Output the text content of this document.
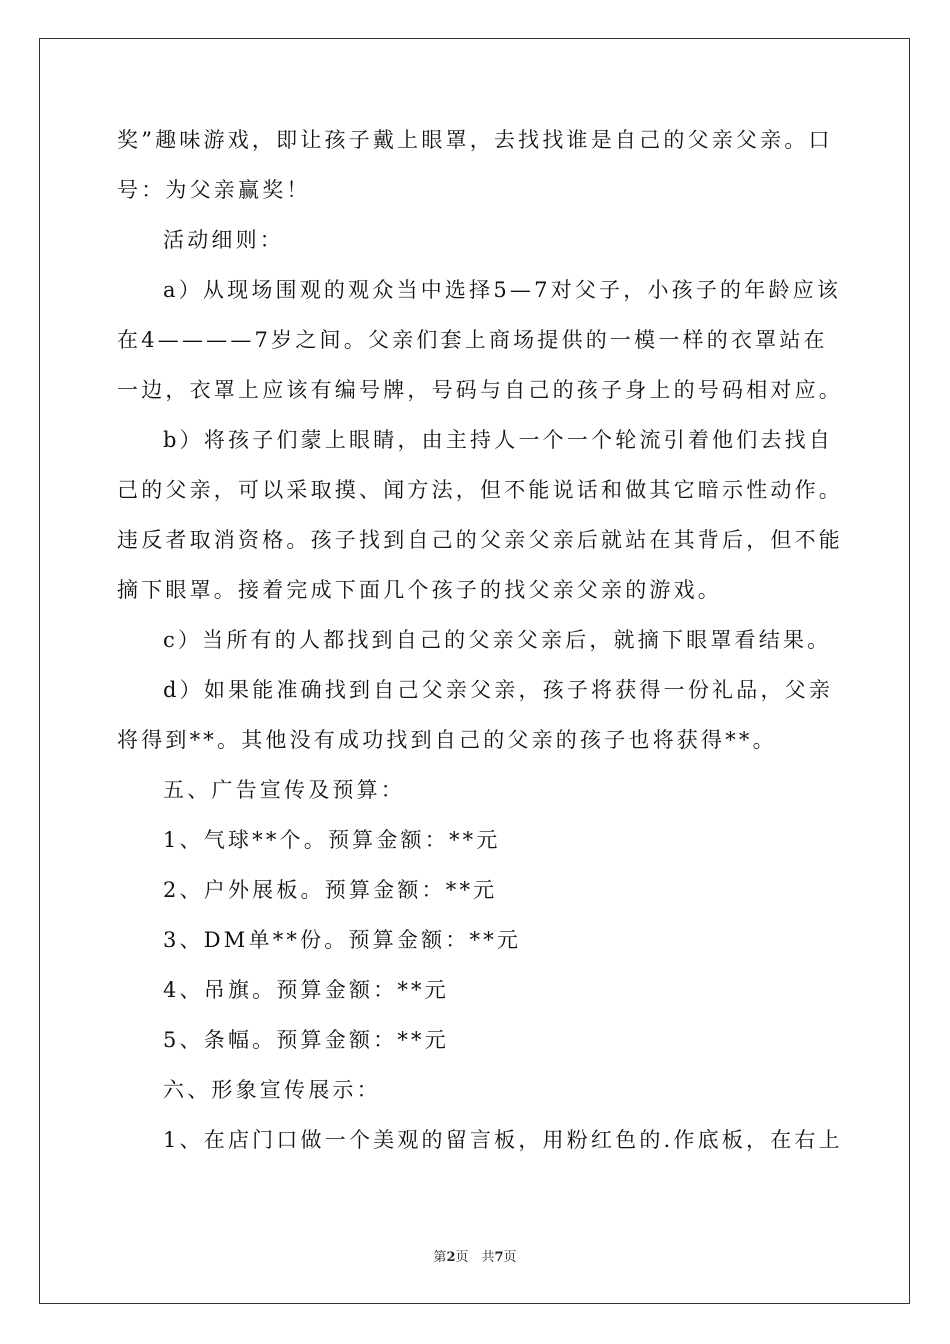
奖”趣味游戏，即让孩子戴上眼罩，去找找谁是自己的父亲父亲。口
号：为父亲赢奖！
活动细则：
a）从现场围观的观众当中选择5—7对父子，小孩子的年龄应该
在4————7岁之间。父亲们套上商场提供的一模一样的衣罩站在
一边，衣罩上应该有编号牌，号码与自己的孩子身上的号码相对应。
b）将孩子们蒙上眼睛，由主持人一个一个轮流引着他们去找自
己的父亲，可以采取摸、闻方法，但不能说话和做其它暗示性动作。
违反者取消资格。孩子找到自己的父亲父亲后就站在其背后，但不能
摘下眼罩。接着完成下面几个孩子的找父亲父亲的游戏。
c）当所有的人都找到自己的父亲父亲后，就摘下眼罩看结果。
d）如果能准确找到自己父亲父亲，孩子将获得一份礼品，父亲
将得到**。其他没有成功找到自己的父亲的孩子也将获得**。
五、广告宣传及预算：
1、气球**个。预算金额：**元
2、户外展板。预算金额：**元
3、DM单**份。预算金额：**元
4、吊旗。预算金额：**元
5、条幅。预算金额：**元
六、形象宣传展示：
1、在店门口做一个美观的留言板，用粉红色的.作底板，在右上
第2页　共7页
